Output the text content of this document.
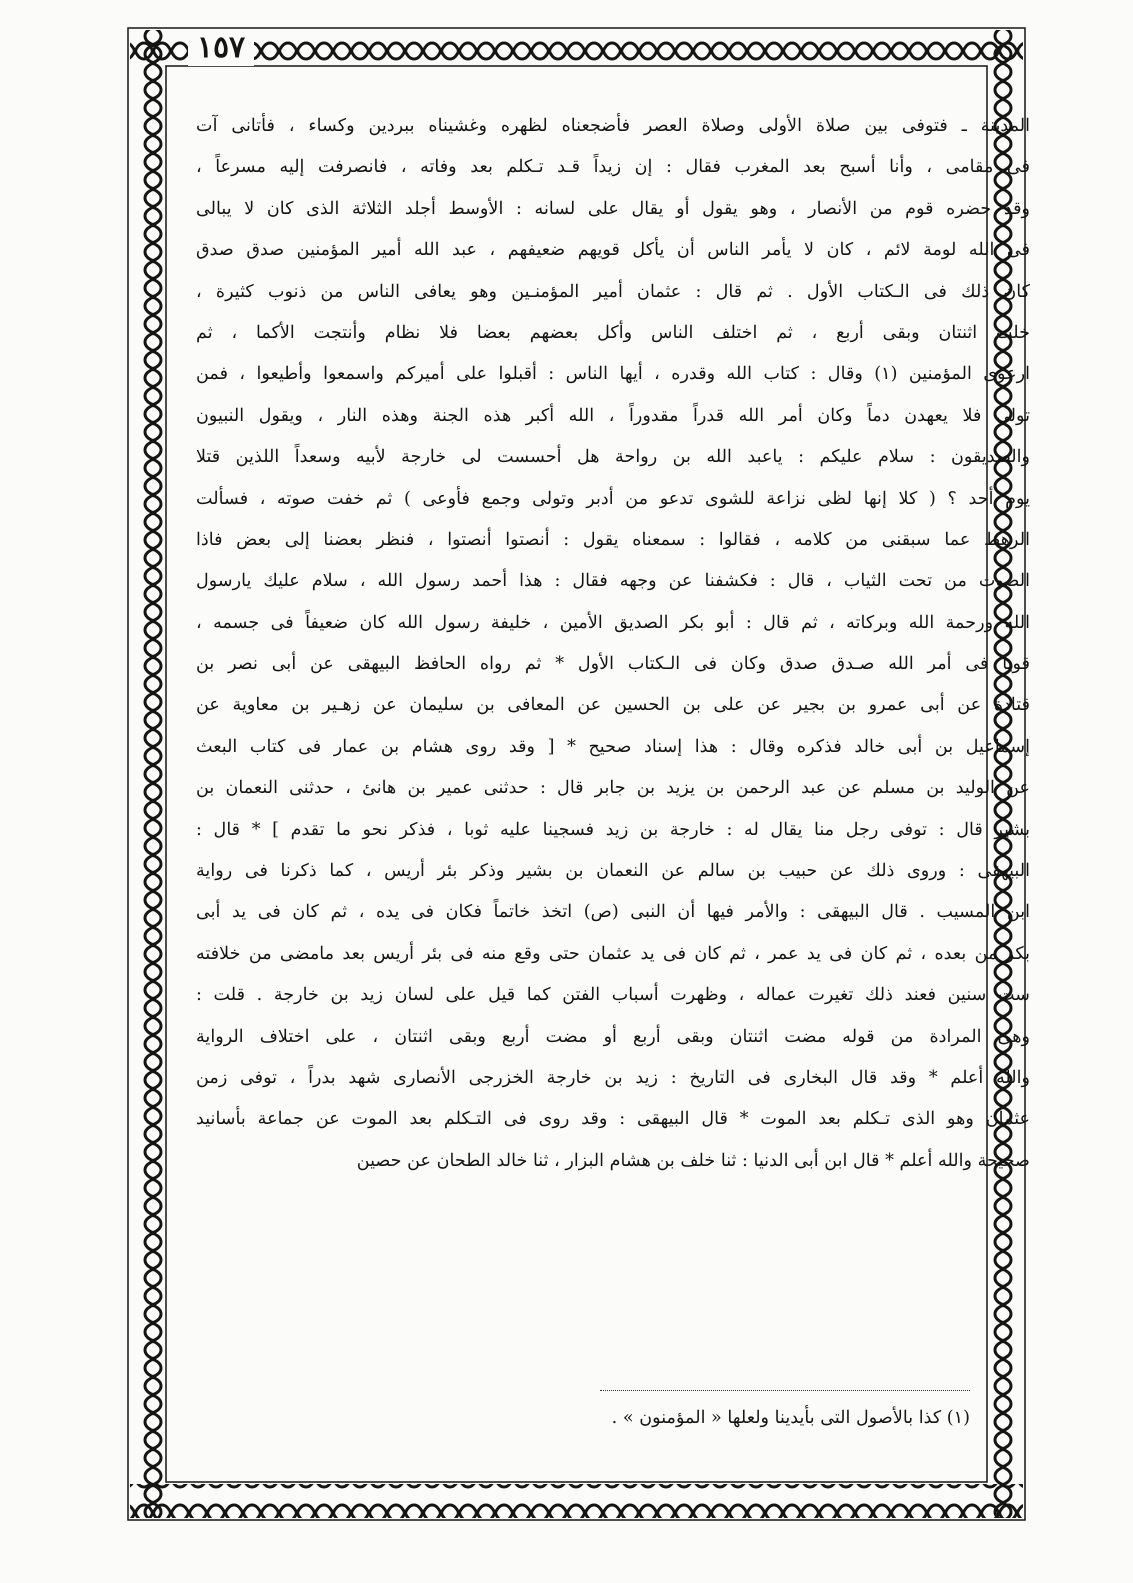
١٥٧
المدينة ـ فتوفى بين صلاة الأولى وصلاة العصر فأضجعناه لظهره وغشيناه ببردين وكساء ، فأتانى آت
فى مقامى ، وأنا أسبح بعد المغرب فقال : إن زيداً قـد تـكلم بعد وفاته ، فانصرفت إليه مسرعاً ،
وقد حضره قوم من الأنصار ، وهو يقول أو يقال على لسانه : الأوسط أجلد الثلاثة الذى كان لا يبالى
فى الله لومة لائم ، كان لا يأمر الناس أن يأكل قويهم ضعيفهم ، عبد الله أمير المؤمنين صدق صدق
كان ذلك فى الـكتاب الأول . ثم قال : عثمان أمير المؤمنـين وهو يعافى الناس من ذنوب كثيرة ،
خلت اثنتان وبقى أربع ، ثم اختلف الناس وأكل بعضهم بعضا فلا نظام وأنتجت الأكما ، ثم
ارعوى المؤمنين (١) وقال : كتاب الله وقدره ، أيها الناس : أقبلوا على أميركم واسمعوا وأطيعوا ، فمن
تولى فلا يعهدن دماً وكان أمر الله قدراً مقدوراً ، الله أكبر هذه الجنة وهذه النار ، ويقول النبيون
والصديقون : سلام عليكم : ياعبد الله بن رواحة هل أحسست لى خارجة لأبيه وسعداً اللذين قتلا
يوم أحد ؟ ( كلا إنها لظى نزاعة للشوى تدعو من أدبر وتولى وجمع فأوعى ) ثم خفت صوته ، فسألت
الرهط عما سبقنى من كلامه ، فقالوا : سمعناه يقول : أنصتوا أنصتوا ، فنظر بعضنا إلى بعض فاذا
الصوت من تحت الثياب ، قال : فكشفنا عن وجهه فقال : هذا أحمد رسول الله ، سلام عليك يارسول
الله ورحمة الله وبركاته ، ثم قال : أبو بكر الصديق الأمين ، خليفة رسول الله كان ضعيفاً فى جسمه ،
قويا فى أمر الله صـدق صدق وكان فى الـكتاب الأول * ثم رواه الحافظ البيهقى عن أبى نصر بن
قتادة عن أبى عمرو بن بجير عن على بن الحسين عن المعافى بن سليمان عن زهـير بن معاوية عن
إسماعيل بن أبى خالد فذكره وقال : هذا إسناد صحيح * [ وقد روى هشام بن عمار فى كتاب البعث
عن الوليد بن مسلم عن عبد الرحمن بن يزيد بن جابر قال : حدثنى عمير بن هانئ ، حدثنى النعمان بن
بشير قال : توفى رجل منا يقال له : خارجة بن زيد فسجينا عليه ثوبا ، فذكر نحو ما تقدم ] * قال :
البيهقى : وروى ذلك عن حبيب بن سالم عن النعمان بن بشير وذكر بئر أريس ، كما ذكرنا فى رواية
ابن المسيب . قال البيهقى : والأمر فيها أن النبى (ص) اتخذ خاتماً فكان فى يده ، ثم كان فى يد أبى
بكر من بعده ، ثم كان فى يد عمر ، ثم كان فى يد عثمان حتى وقع منه فى بئر أريس بعد مامضى من خلافته
ست سنين فعند ذلك تغيرت عماله ، وظهرت أسباب الفتن كما قيل على لسان زيد بن خارجة . قلت :
وهى المرادة من قوله مضت اثنتان وبقى أربع أو مضت أربع وبقى اثنتان ، على اختلاف الرواية
والله أعلم * وقد قال البخارى فى التاريخ : زيد بن خارجة الخزرجى الأنصارى شهد بدراً ، توفى زمن
عثمان وهو الذى تـكلم بعد الموت * قال البيهقى : وقد روى فى التـكلم بعد الموت عن جماعة بأسانيد
صحيحة والله أعلم * قال ابن أبى الدنيا : ثنا خلف بن هشام البزار ، ثنا خالد الطحان عن حصين
(١) كذا بالأصول التى بأيدينا ولعلها « المؤمنون » .
